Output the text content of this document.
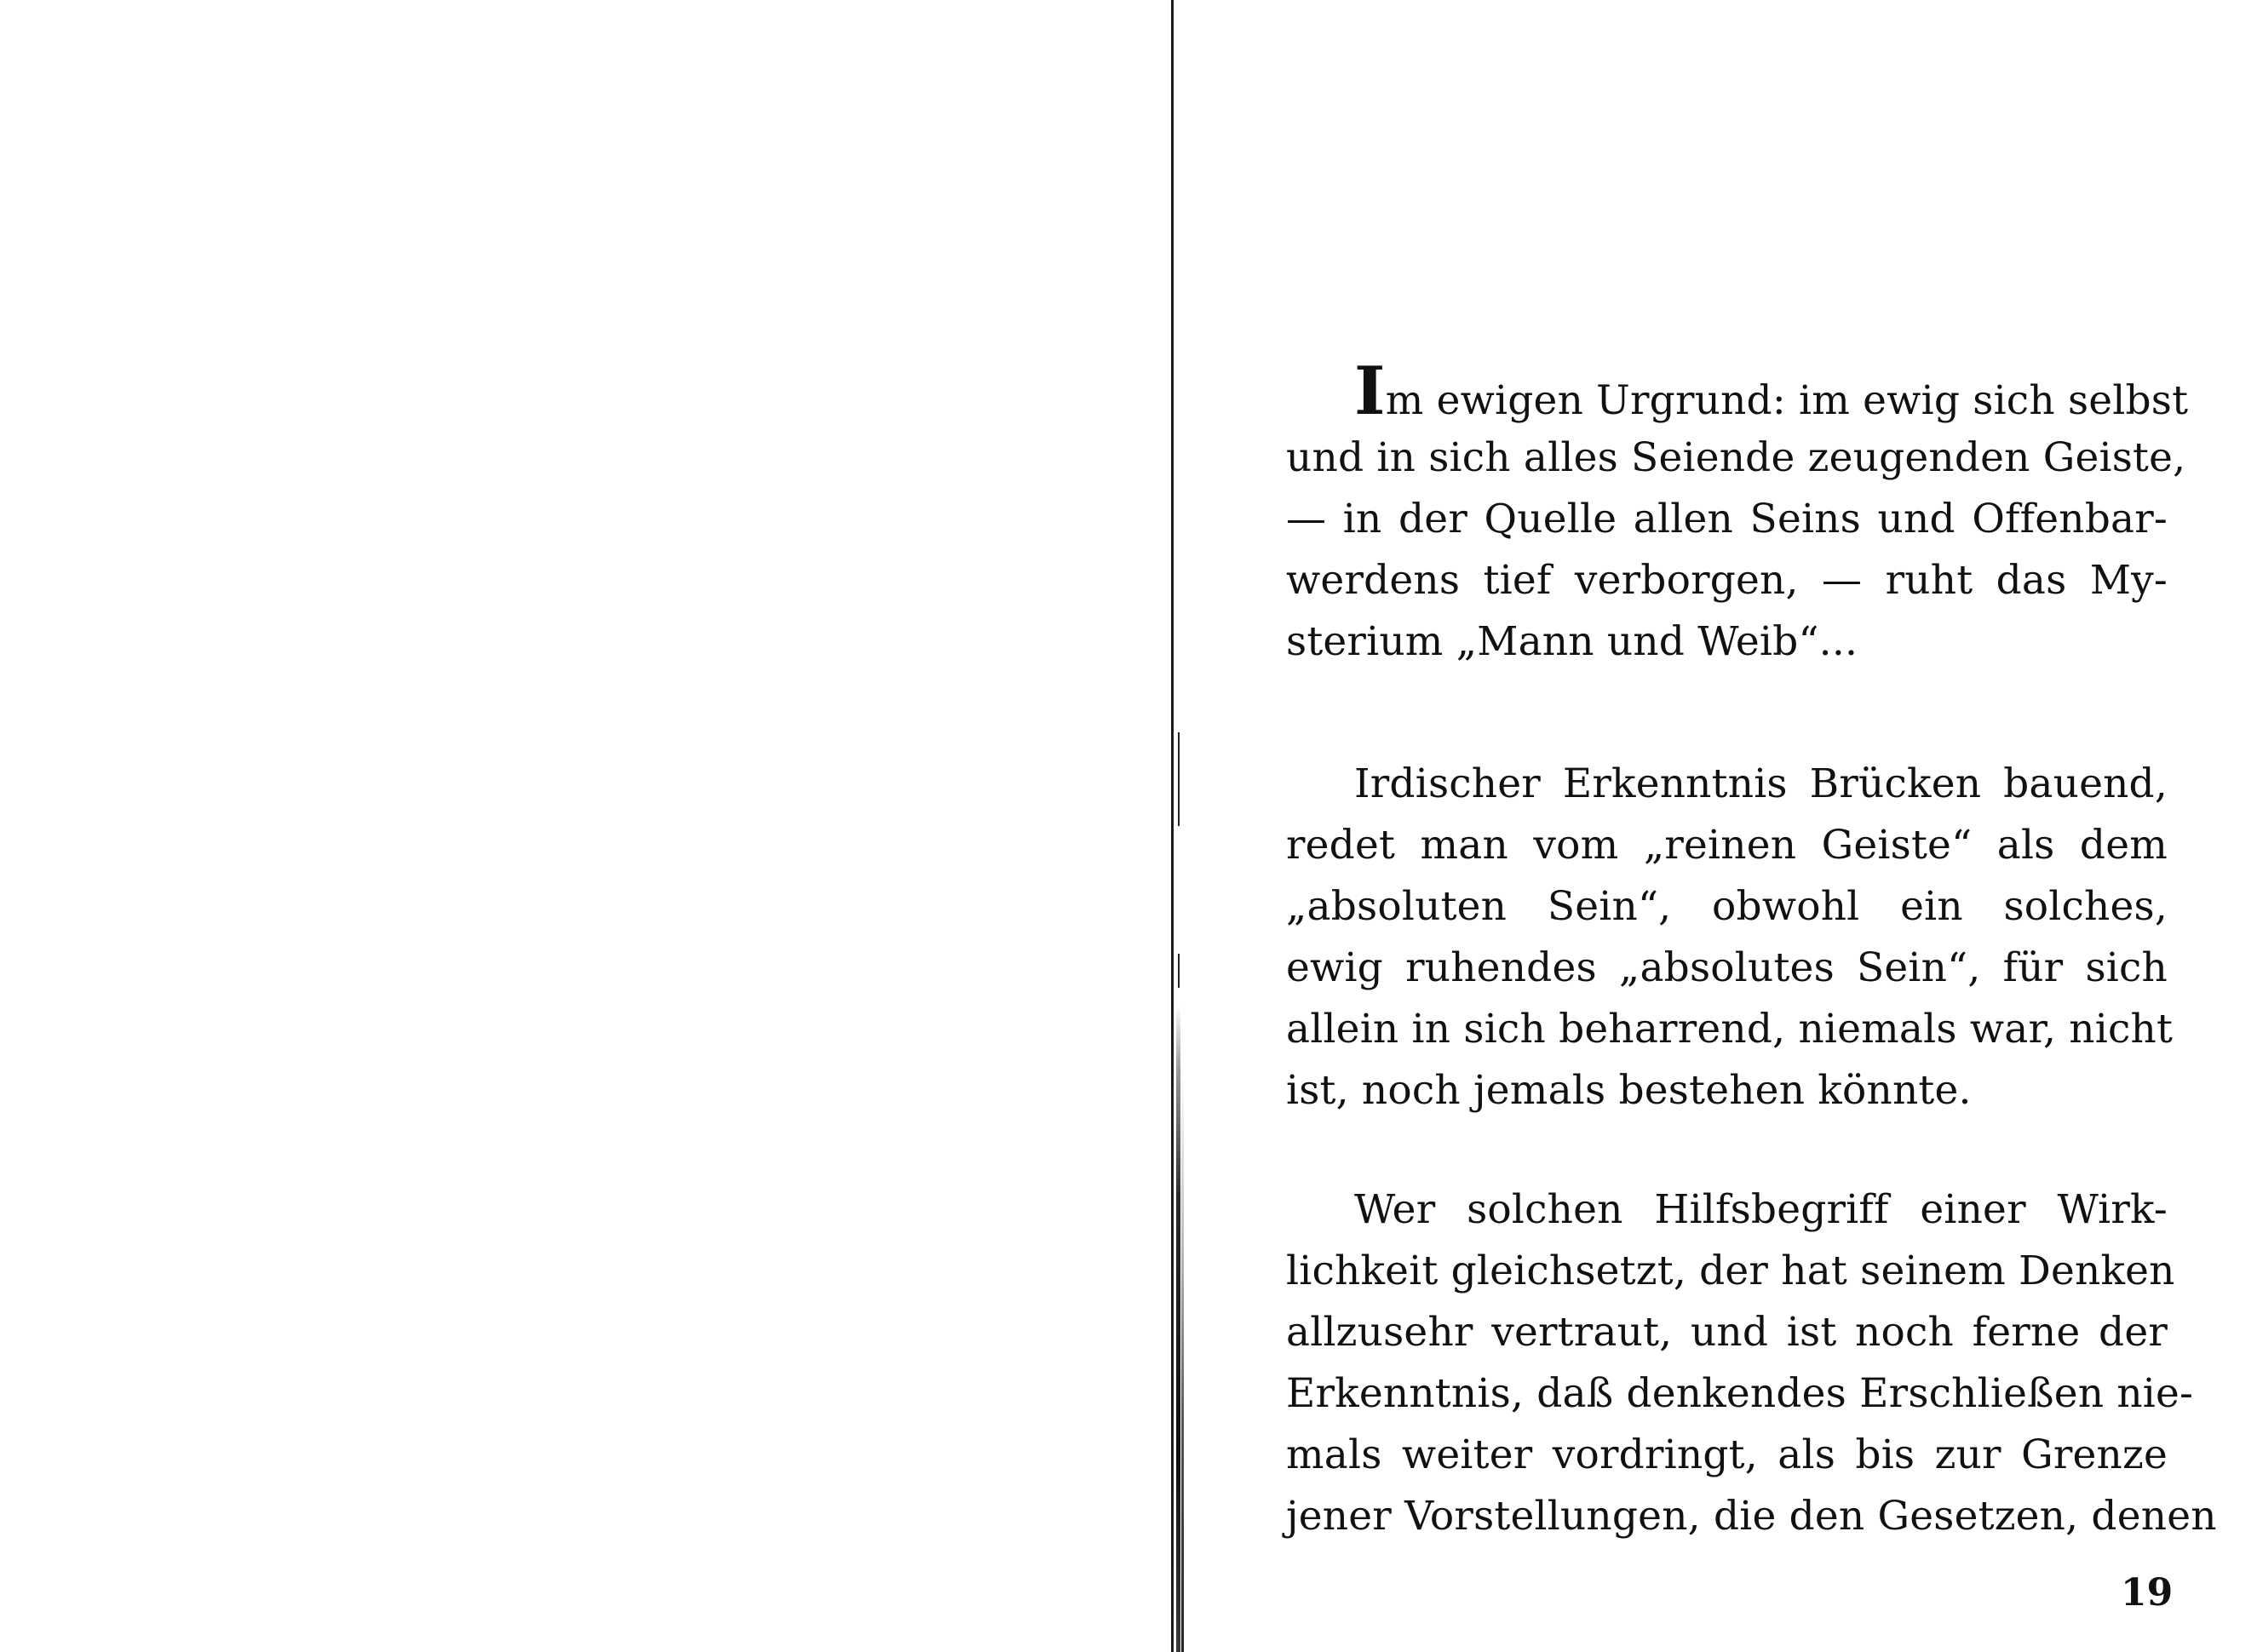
Im ewigen Urgrund: im ewig sich selbst
und in sich alles Seiende zeugenden Geiste,
— in der Quelle allen Seins und Offenbar-
werdens tief verborgen, — ruht das My-
sterium „Mann und Weib“...
Irdischer Erkenntnis Brücken bauend,
redet man vom „reinen Geiste“ als dem
„absoluten Sein“, obwohl ein solches,
ewig ruhendes „absolutes Sein“, für sich
allein in sich beharrend, niemals war, nicht
ist, noch jemals bestehen könnte.
Wer solchen Hilfsbegriff einer Wirk-
lichkeit gleichsetzt, der hat seinem Denken
allzusehr vertraut, und ist noch ferne der
Erkenntnis, daß denkendes Erschließen nie-
mals weiter vordringt, als bis zur Grenze
jener Vorstellungen, die den Gesetzen, denen
19
